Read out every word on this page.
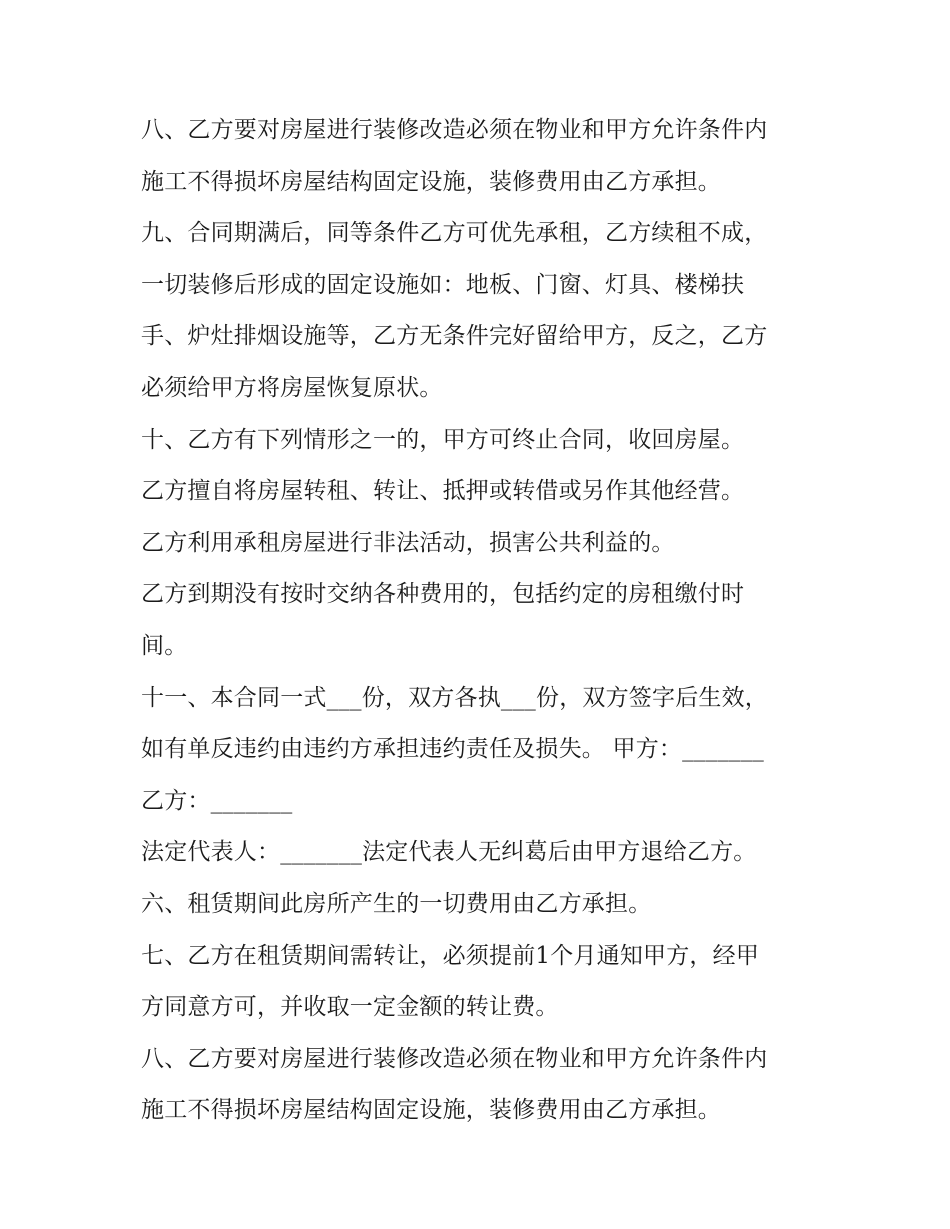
八、乙方要对房屋进行装修改造必须在物业和甲方允许条件内
施工不得损坏房屋结构固定设施，装修费用由乙方承担。
九、合同期满后，同等条件乙方可优先承租，乙方续租不成，
一切装修后形成的固定设施如：地板、门窗、灯具、楼梯扶
手、炉灶排烟设施等，乙方无条件完好留给甲方，反之，乙方
必须给甲方将房屋恢复原状。
十、乙方有下列情形之一的，甲方可终止合同，收回房屋。
乙方擅自将房屋转租、转让、抵押或转借或另作其他经营。
乙方利用承租房屋进行非法活动，损害公共利益的。
乙方到期没有按时交纳各种费用的，包括约定的房租缴付时
间。
十一、本合同一式___份，双方各执___份，双方签字后生效，
如有单反违约由违约方承担违约责任及损失。 甲方：_______
乙方：_______
法定代表人：_______法定代表人无纠葛后由甲方退给乙方。
六、租赁期间此房所产生的一切费用由乙方承担。
七、乙方在租赁期间需转让，必须提前1个月通知甲方，经甲
方同意方可，并收取一定金额的转让费。
八、乙方要对房屋进行装修改造必须在物业和甲方允许条件内
施工不得损坏房屋结构固定设施，装修费用由乙方承担。
